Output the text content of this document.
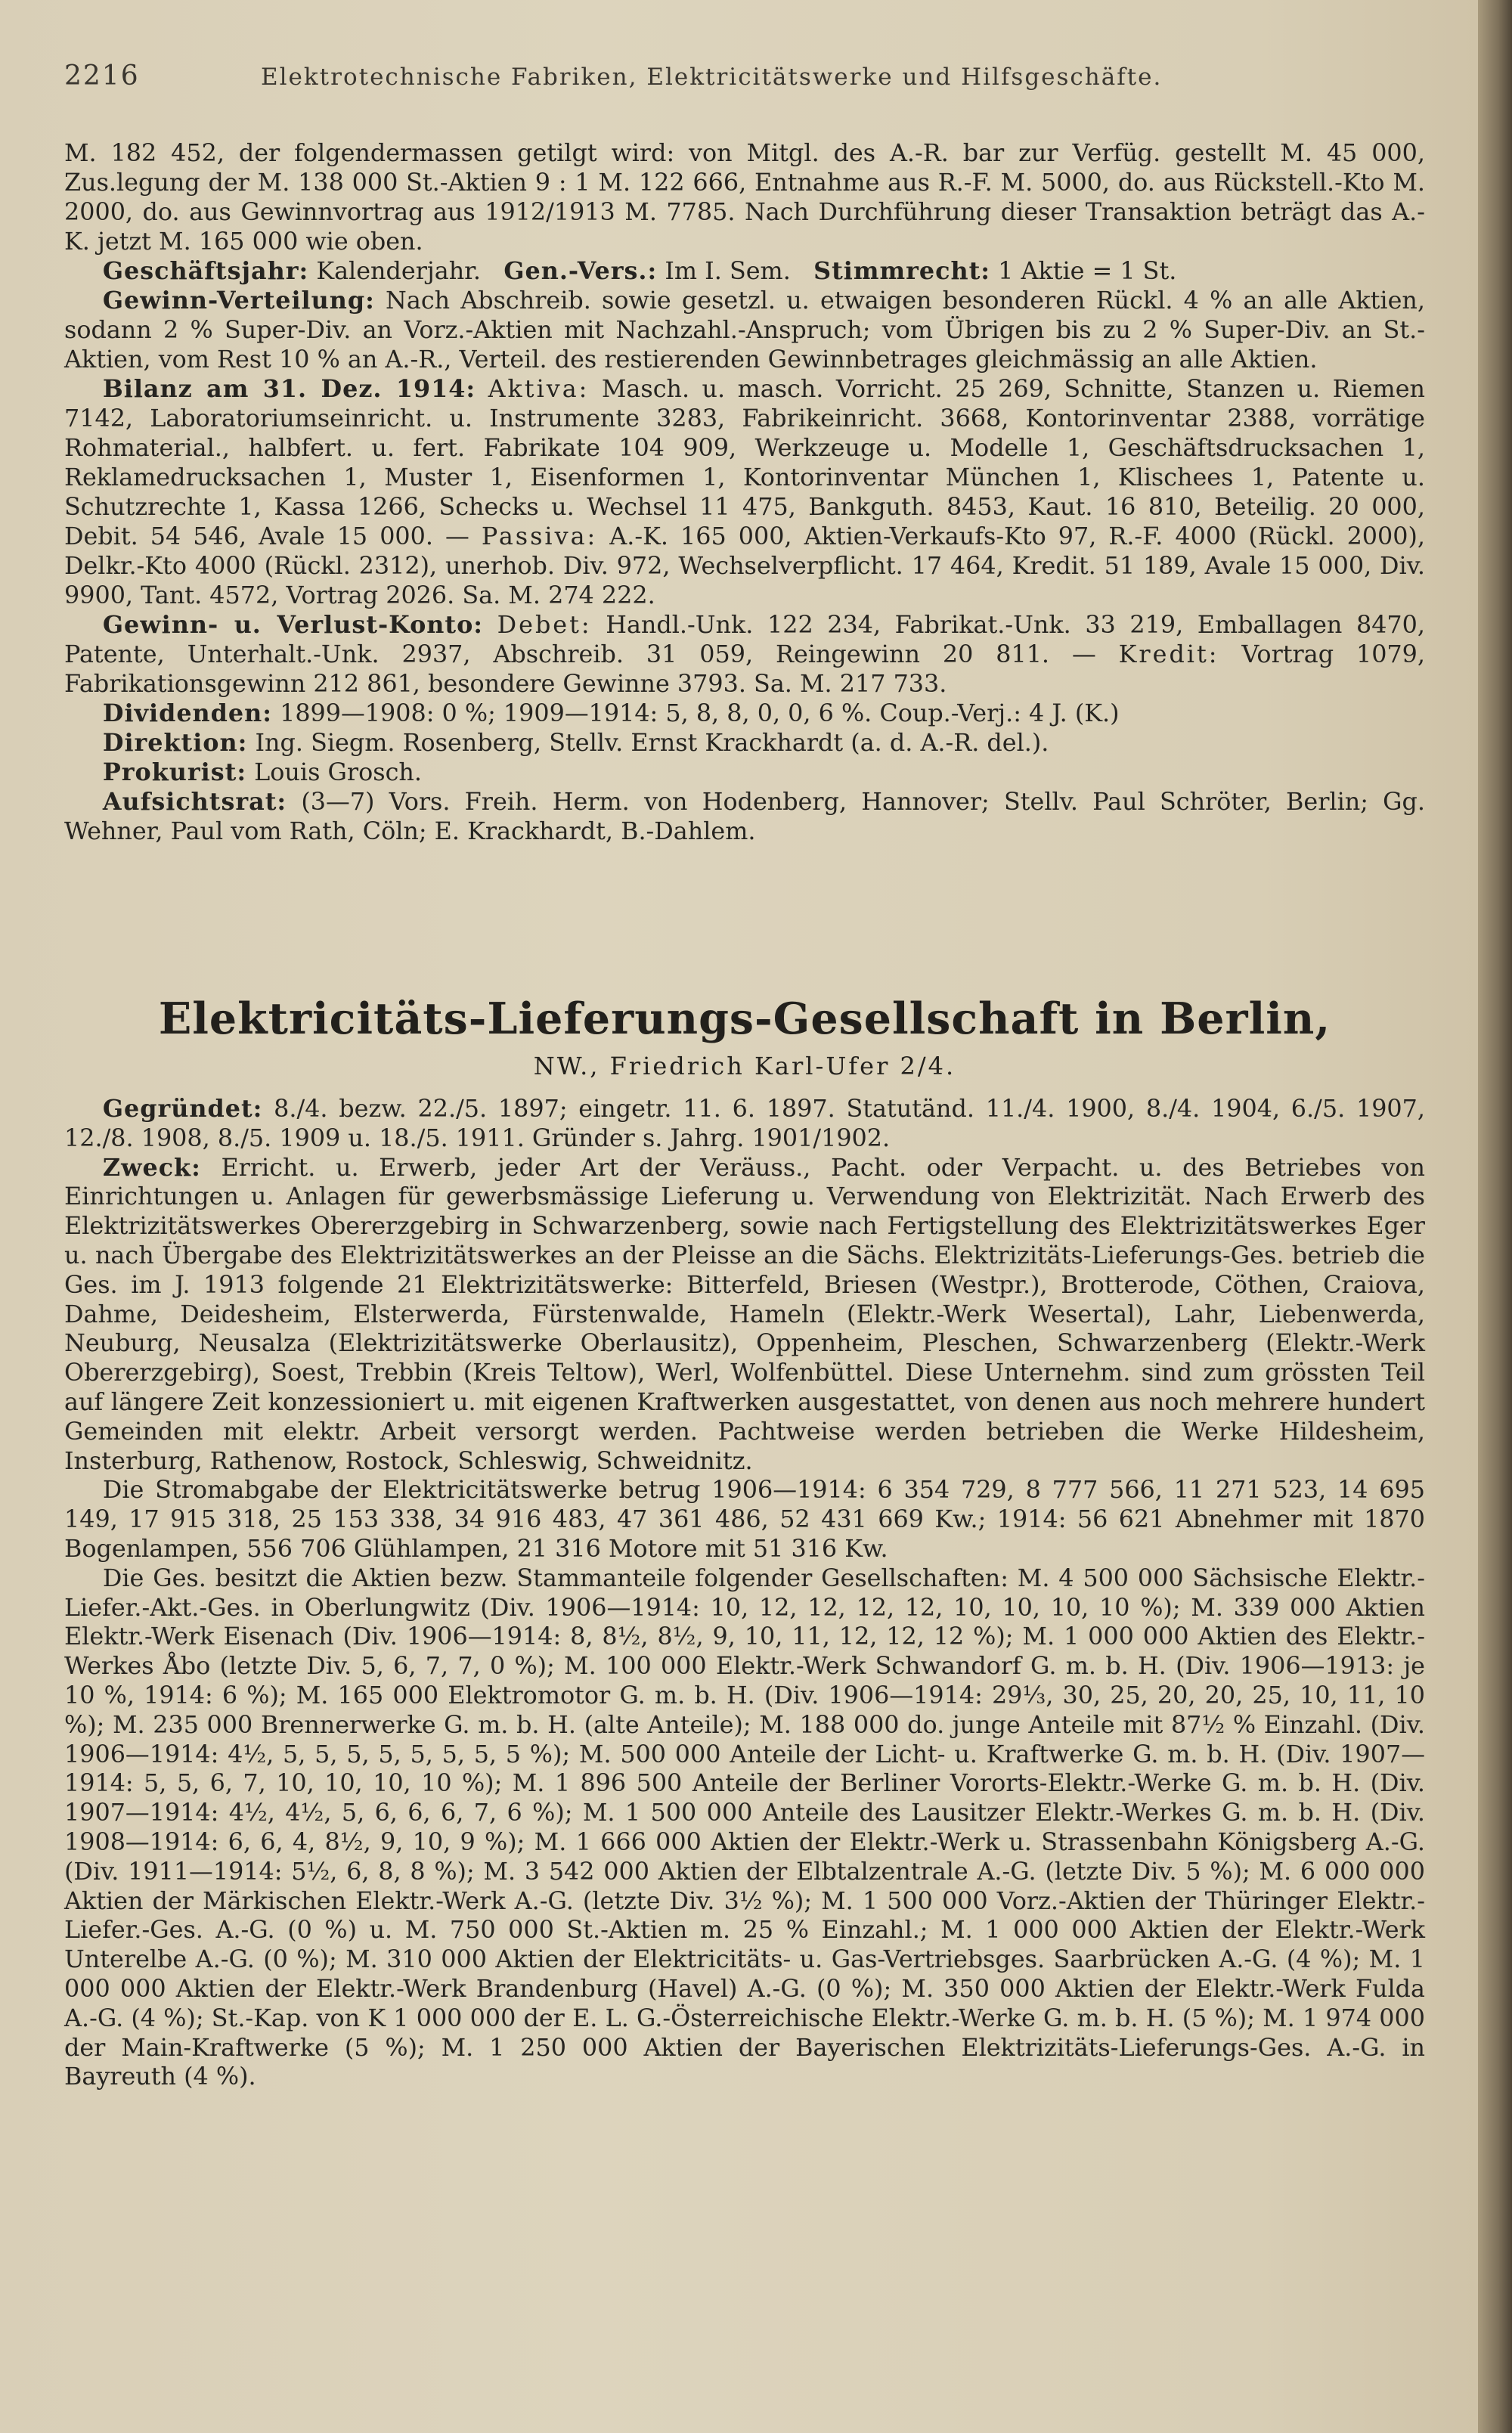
2216	Elektrotechnische Fabriken, Elektricitätswerke und Hilfsgeschäfte.

M. 182 452, der folgendermassen getilgt wird: von Mitgl. des A.-R. bar zur Verfüg. gestellt M. 45 000, Zus.legung der M. 138 000 St.-Aktien 9 : 1 M. 122 666, Entnahme aus R.-F. M. 5000, do. aus Rückstell.-Kto M. 2000, do. aus Gewinnvortrag aus 1912/1913 M. 7785. Nach Durchführung dieser Transaktion beträgt das A.-K. jetzt M. 165 000 wie oben.

Geschäftsjahr: Kalenderjahr. Gen.-Vers.: Im I. Sem. Stimmrecht: 1 Aktie = 1 St.

Gewinn-Verteilung: Nach Abschreib. sowie gesetzl. u. etwaigen besonderen Rückl. 4 % an alle Aktien, sodann 2 % Super-Div. an Vorz.-Aktien mit Nachzahl.-Anspruch; vom Übrigen bis zu 2 % Super-Div. an St.-Aktien, vom Rest 10 % an A.-R., Verteil. des restierenden Gewinnbetrages gleichmässig an alle Aktien.

Bilanz am 31. Dez. 1914: Aktiva: Masch. u. masch. Vorricht. 25 269, Schnitte, Stanzen u. Riemen 7142, Laboratoriumseinricht. u. Instrumente 3283, Fabrikeinricht. 3668, Kontorinventar 2388, vorrätige Rohmaterial., halbfert. u. fert. Fabrikate 104 909, Werkzeuge u. Modelle 1, Geschäftsdrucksachen 1, Reklamedrucksachen 1, Muster 1, Eisenformen 1, Kontorinventar München 1, Klischees 1, Patente u. Schutzrechte 1, Kassa 1266, Schecks u. Wechsel 11 475, Bankguth. 8453, Kaut. 16 810, Beteilig. 20 000, Debit. 54 546, Avale 15 000. — Passiva: A.-K. 165 000, Aktien-Verkaufs-Kto 97, R.-F. 4000 (Rückl. 2000), Delkr.-Kto 4000 (Rückl. 2312), unerhob. Div. 972, Wechselverpflicht. 17 464, Kredit. 51 189, Avale 15 000, Div. 9900, Tant. 4572, Vortrag 2026. Sa. M. 274 222.

Gewinn- u. Verlust-Konto: Debet: Handl.-Unk. 122 234, Fabrikat.-Unk. 33 219, Emballagen 8470, Patente, Unterhalt.-Unk. 2937, Abschreib. 31 059, Reingewinn 20 811. — Kredit: Vortrag 1079, Fabrikationsgewinn 212 861, besondere Gewinne 3793. Sa. M. 217 733.

Dividenden: 1899—1908: 0 %; 1909—1914: 5, 8, 8, 0, 0, 6 %. Coup.-Verj.: 4 J. (K.)

Direktion: Ing. Siegm. Rosenberg, Stellv. Ernst Krackhardt (a. d. A.-R. del.).

Prokurist: Louis Grosch.

Aufsichtsrat: (3—7) Vors. Freih. Herm. von Hodenberg, Hannover; Stellv. Paul Schröter, Berlin; Gg. Wehner, Paul vom Rath, Cöln; E. Krackhardt, B.-Dahlem.

Elektricitäts-Lieferungs-Gesellschaft in Berlin,
NW., Friedrich Karl-Ufer 2/4.

Gegründet: 8./4. bezw. 22./5. 1897; eingetr. 11. 6. 1897. Statutänd. 11./4. 1900, 8./4. 1904, 6./5. 1907, 12./8. 1908, 8./5. 1909 u. 18./5. 1911. Gründer s. Jahrg. 1901/1902.

Zweck: Erricht. u. Erwerb, jeder Art der Veräuss., Pacht. oder Verpacht. u. des Betriebes von Einrichtungen u. Anlagen für gewerbsmässige Lieferung u. Verwendung von Elektrizität. Nach Erwerb des Elektrizitätswerkes Obererzgebirg in Schwarzenberg, sowie nach Fertigstellung des Elektrizitätswerkes Eger u. nach Übergabe des Elektrizitätswerkes an der Pleisse an die Sächs. Elektrizitäts-Lieferungs-Ges. betrieb die Ges. im J. 1913 folgende 21 Elektrizitätswerke: Bitterfeld, Briesen (Westpr.), Brotterode, Cöthen, Craiova, Dahme, Deidesheim, Elsterwerda, Fürstenwalde, Hameln (Elektr.-Werk Wesertal), Lahr, Liebenwerda, Neuburg, Neusalza (Elektrizitätswerke Oberlausitz), Oppenheim, Pleschen, Schwarzenberg (Elektr.-Werk Obererzgebirg), Soest, Trebbin (Kreis Teltow), Werl, Wolfenbüttel. Diese Unternehm. sind zum grössten Teil auf längere Zeit konzessioniert u. mit eigenen Kraftwerken ausgestattet, von denen aus noch mehrere hundert Gemeinden mit elektr. Arbeit versorgt werden. Pachtweise werden betrieben die Werke Hildesheim, Insterburg, Rathenow, Rostock, Schleswig, Schweidnitz.

Die Stromabgabe der Elektricitätswerke betrug 1906—1914: 6 354 729, 8 777 566, 11 271 523, 14 695 149, 17 915 318, 25 153 338, 34 916 483, 47 361 486, 52 431 669 Kw.; 1914: 56 621 Abnehmer mit 1870 Bogenlampen, 556 706 Glühlampen, 21 316 Motore mit 51 316 Kw.

Die Ges. besitzt die Aktien bezw. Stammanteile folgender Gesellschaften: M. 4 500 000 Sächsische Elektr.-Liefer.-Akt.-Ges. in Oberlungwitz (Div. 1906—1914: 10, 12, 12, 12, 12, 10, 10, 10, 10 %); M. 339 000 Aktien Elektr.-Werk Eisenach (Div. 1906—1914: 8, 8½, 8½, 9, 10, 11, 12, 12, 12 %); M. 1 000 000 Aktien des Elektr.-Werkes Åbo (letzte Div. 5, 6, 7, 7, 0 %); M. 100 000 Elektr.-Werk Schwandorf G. m. b. H. (Div. 1906—1913: je 10 %, 1914: 6 %); M. 165 000 Elektromotor G. m. b. H. (Div. 1906—1914: 29⅓, 30, 25, 20, 20, 25, 10, 11, 10 %); M. 235 000 Brennerwerke G. m. b. H. (alte Anteile); M. 188 000 do. junge Anteile mit 87½ % Einzahl. (Div. 1906—1914: 4½, 5, 5, 5, 5, 5, 5, 5, 5 %); M. 500 000 Anteile der Licht- u. Kraftwerke G. m. b. H. (Div. 1907—1914: 5, 5, 6, 7, 10, 10, 10, 10 %); M. 1 896 500 Anteile der Berliner Vororts-Elektr.-Werke G. m. b. H. (Div. 1907—1914: 4½, 4½, 5, 6, 6, 6, 7, 6 %); M. 1 500 000 Anteile des Lausitzer Elektr.-Werkes G. m. b. H. (Div. 1908—1914: 6, 6, 4, 8½, 9, 10, 9 %); M. 1 666 000 Aktien der Elektr.-Werk u. Strassenbahn Königsberg A.-G. (Div. 1911—1914: 5½, 6, 8, 8 %); M. 3 542 000 Aktien der Elbtalzentrale A.-G. (letzte Div. 5 %); M. 6 000 000 Aktien der Märkischen Elektr.-Werk A.-G. (letzte Div. 3½ %); M. 1 500 000 Vorz.-Aktien der Thüringer Elektr.-Liefer.-Ges. A.-G. (0 %) u. M. 750 000 St.-Aktien m. 25 % Einzahl.; M. 1 000 000 Aktien der Elektr.-Werk Unterelbe A.-G. (0 %); M. 310 000 Aktien der Elektricitäts- u. Gas-Vertriebsges. Saarbrücken A.-G. (4 %); M. 1 000 000 Aktien der Elektr.-Werk Brandenburg (Havel) A.-G. (0 %); M. 350 000 Aktien der Elektr.-Werk Fulda A.-G. (4 %); St.-Kap. von K 1 000 000 der E. L. G.-Österreichische Elektr.-Werke G. m. b. H. (5 %); M. 1 974 000 der Main-Kraftwerke (5 %); M. 1 250 000 Aktien der Bayerischen Elektrizitäts-Lieferungs-Ges. A.-G. in Bayreuth (4 %).
